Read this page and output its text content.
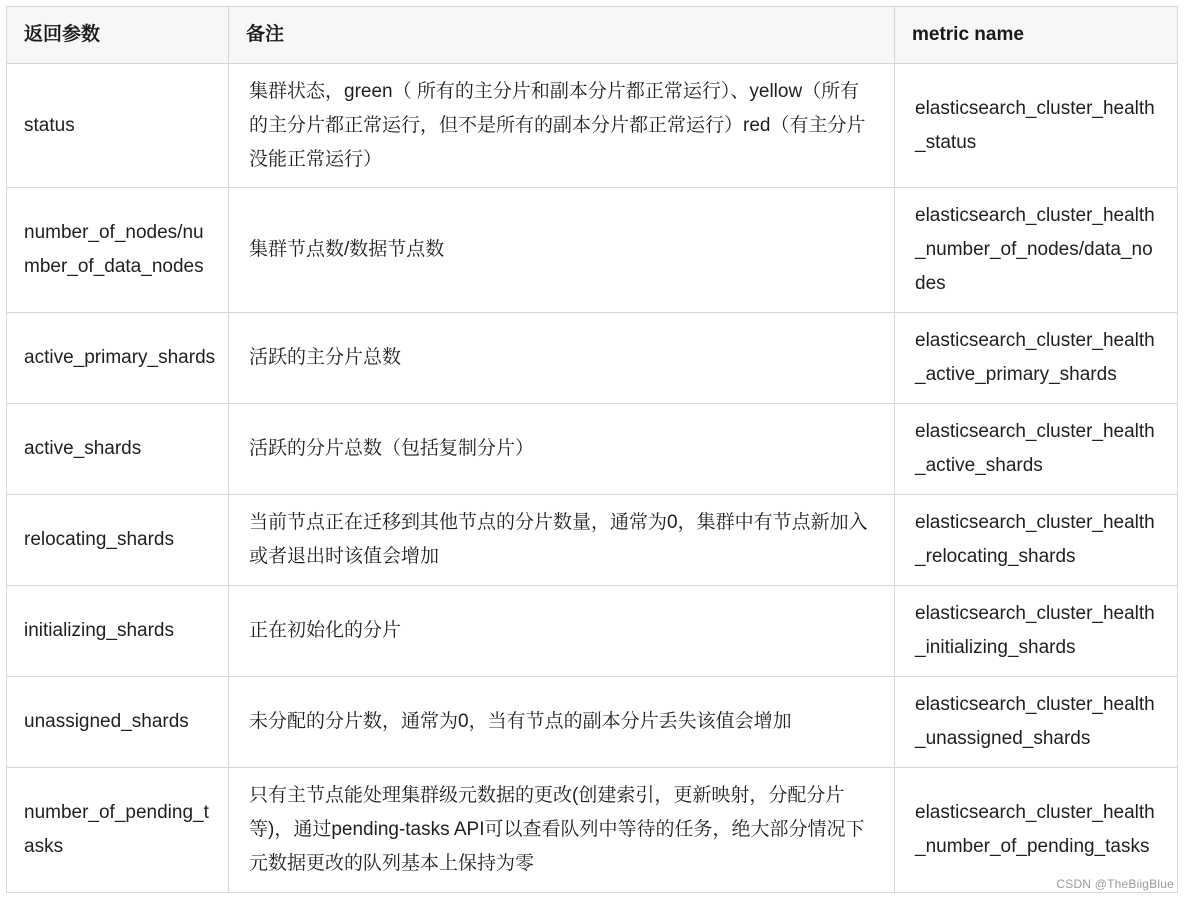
返回参数	备注	metric name
status	集群状态，green（ 所有的主分片和副本分片都正常运行）、yellow（所有的主分片都正常运行，但不是所有的副本分片都正常运行）red（有主分片没能正常运行）	elasticsearch_cluster_health_status
number_of_nodes/number_of_data_nodes	集群节点数/数据节点数	elasticsearch_cluster_health_number_of_nodes/data_nodes
active_primary_shards	活跃的主分片总数	elasticsearch_cluster_health_active_primary_shards
active_shards	活跃的分片总数（包括复制分片）	elasticsearch_cluster_health_active_shards
relocating_shards	当前节点正在迁移到其他节点的分片数量，通常为0，集群中有节点新加入或者退出时该值会增加	elasticsearch_cluster_health_relocating_shards
initializing_shards	正在初始化的分片	elasticsearch_cluster_health_initializing_shards
unassigned_shards	未分配的分片数，通常为0，当有节点的副本分片丢失该值会增加	elasticsearch_cluster_health_unassigned_shards
number_of_pending_tasks	只有主节点能处理集群级元数据的更改(创建索引，更新映射，分配分片等)，通过pending-tasks API可以查看队列中等待的任务，绝大部分情况下元数据更改的队列基本上保持为零	elasticsearch_cluster_health_number_of_pending_tasks
CSDN @TheBiigBlue
